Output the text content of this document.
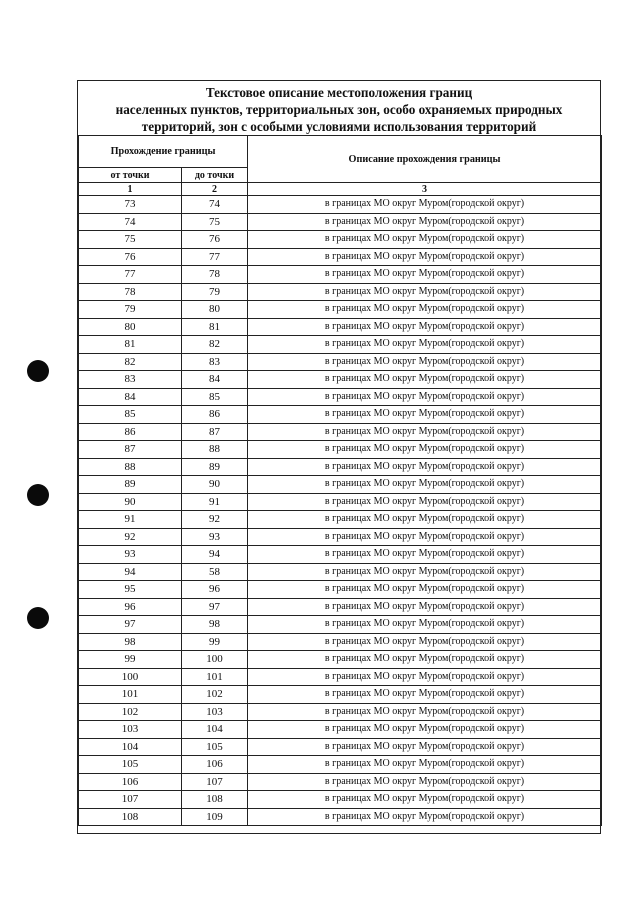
Текстовое описание местоположения границ
населенных пунктов, территориальных зон, особо охраняемых природных
территорий, зон с особыми условиями использования территорий
Прохождение границы		Описание прохождения границы
от точки	до точки	
1	2	3
73	74	в границах МО округ Муром(городской округ)
74	75	в границах МО округ Муром(городской округ)
75	76	в границах МО округ Муром(городской округ)
76	77	в границах МО округ Муром(городской округ)
77	78	в границах МО округ Муром(городской округ)
78	79	в границах МО округ Муром(городской округ)
79	80	в границах МО округ Муром(городской округ)
80	81	в границах МО округ Муром(городской округ)
81	82	в границах МО округ Муром(городской округ)
82	83	в границах МО округ Муром(городской округ)
83	84	в границах МО округ Муром(городской округ)
84	85	в границах МО округ Муром(городской округ)
85	86	в границах МО округ Муром(городской округ)
86	87	в границах МО округ Муром(городской округ)
87	88	в границах МО округ Муром(городской округ)
88	89	в границах МО округ Муром(городской округ)
89	90	в границах МО округ Муром(городской округ)
90	91	в границах МО округ Муром(городской округ)
91	92	в границах МО округ Муром(городской округ)
92	93	в границах МО округ Муром(городской округ)
93	94	в границах МО округ Муром(городской округ)
94	58	в границах МО округ Муром(городской округ)
95	96	в границах МО округ Муром(городской округ)
96	97	в границах МО округ Муром(городской округ)
97	98	в границах МО округ Муром(городской округ)
98	99	в границах МО округ Муром(городской округ)
99	100	в границах МО округ Муром(городской округ)
100	101	в границах МО округ Муром(городской округ)
101	102	в границах МО округ Муром(городской округ)
102	103	в границах МО округ Муром(городской округ)
103	104	в границах МО округ Муром(городской округ)
104	105	в границах МО округ Муром(городской округ)
105	106	в границах МО округ Муром(городской округ)
106	107	в границах МО округ Муром(городской округ)
107	108	в границах МО округ Муром(городской округ)
108	109	в границах МО округ Муром(городской округ)
